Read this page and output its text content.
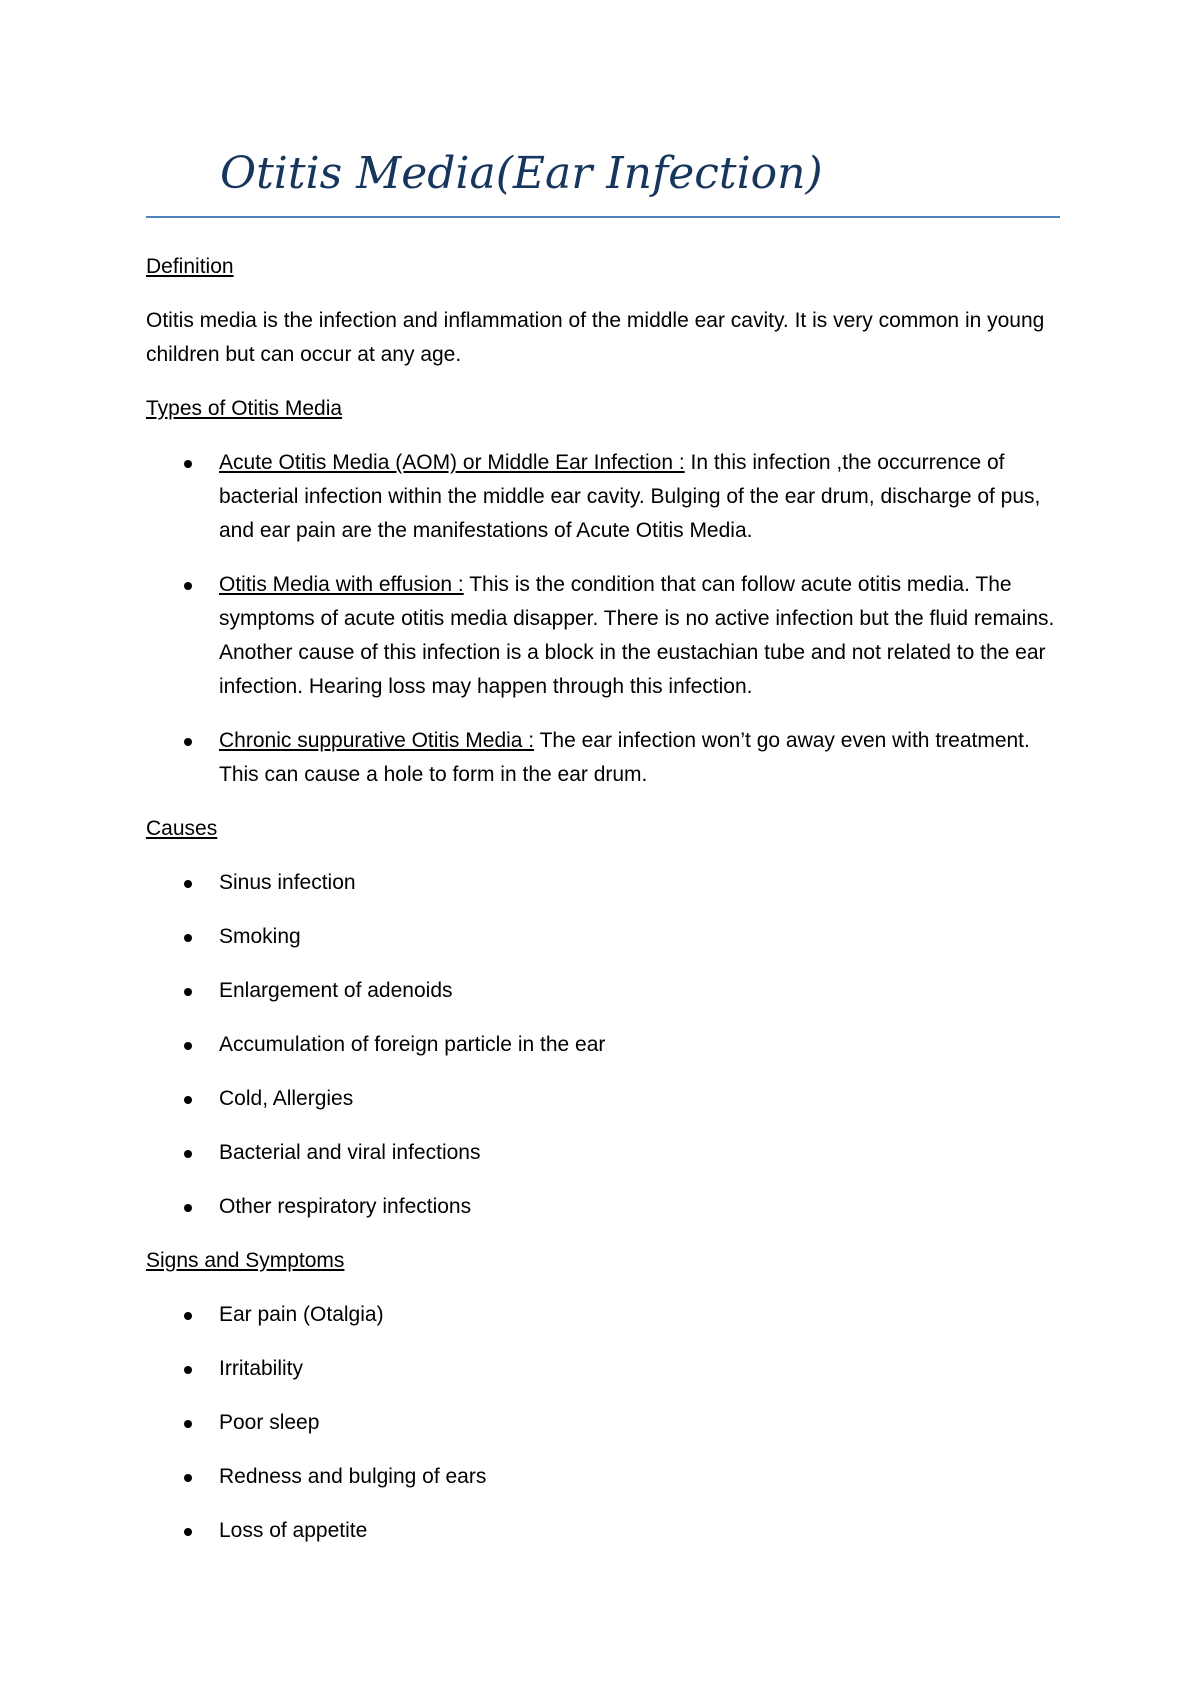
Otitis Media(Ear Infection)
Definition

Otitis media is the infection and inflammation of the middle ear cavity. It is very common in young children but can occur at any age.

Types of Otitis Media
Acute Otitis Media (AOM) or Middle Ear Infection : In this infection ,the occurrence of bacterial infection within the middle ear cavity. Bulging of the ear drum, discharge of pus, and ear pain are the manifestations of Acute Otitis Media.
Otitis Media with effusion : This is the condition that can follow acute otitis media. The symptoms of acute otitis media disapper. There is no active infection but the fluid remains. Another cause of this infection is a block in the eustachian tube and not related to the ear infection. Hearing loss may happen through this infection.
Chronic suppurative Otitis Media : The ear infection won’t go away even with treatment. This can cause a hole to form in the ear drum.
Causes
Sinus infection
Smoking
Enlargement of adenoids
Accumulation of foreign particle in the ear
Cold, Allergies
Bacterial and viral infections
Other respiratory infections
Signs and Symptoms
Ear pain (Otalgia)
Irritability
Poor sleep
Redness and bulging of ears
Loss of appetite
